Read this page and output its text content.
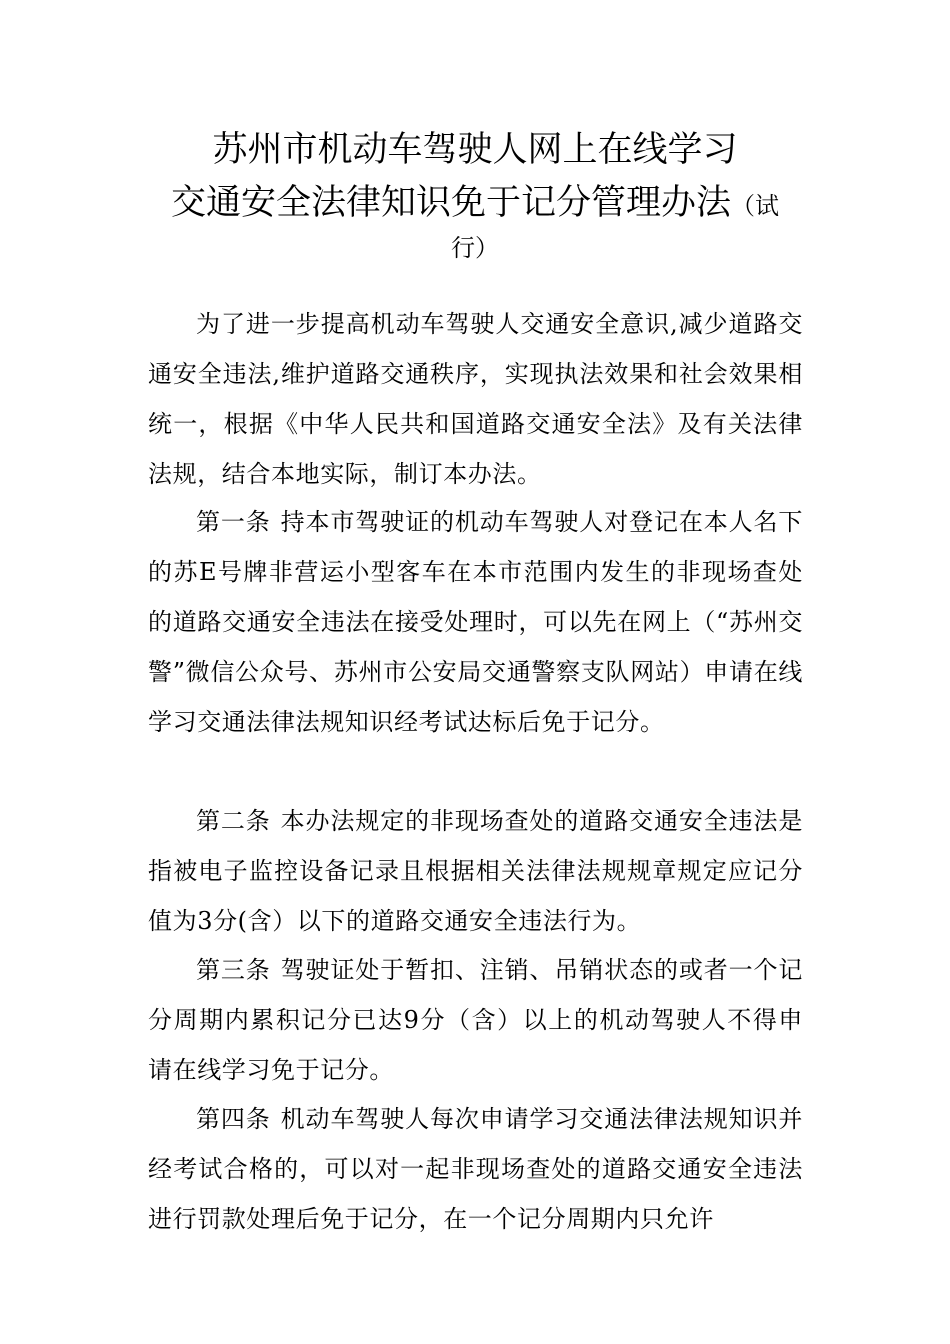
苏州市机动车驾驶人网上在线学习
交通安全法律知识免于记分管理办法（试
行）

为了进一步提高机动车驾驶人交通安全意识,减少道路交通安全违法,维护道路交通秩序，实现执法效果和社会效果相统一，根据《中华人民共和国道路交通安全法》及有关法律法规，结合本地实际，制订本办法。

第一条 持本市驾驶证的机动车驾驶人对登记在本人名下的苏E号牌非营运小型客车在本市范围内发生的非现场查处的道路交通安全违法在接受处理时，可以先在网上（“苏州交警”微信公众号、苏州市公安局交通警察支队网站）申请在线学习交通法律法规知识经考试达标后免于记分。

第二条 本办法规定的非现场查处的道路交通安全违法是指被电子监控设备记录且根据相关法律法规规章规定应记分值为3分(含）以下的道路交通安全违法行为。

第三条 驾驶证处于暂扣、注销、吊销状态的或者一个记分周期内累积记分已达9分（含）以上的机动驾驶人不得申请在线学习免于记分。

第四条 机动车驾驶人每次申请学习交通法律法规知识并经考试合格的，可以对一起非现场查处的道路交通安全违法进行罚款处理后免于记分，在一个记分周期内只允许
